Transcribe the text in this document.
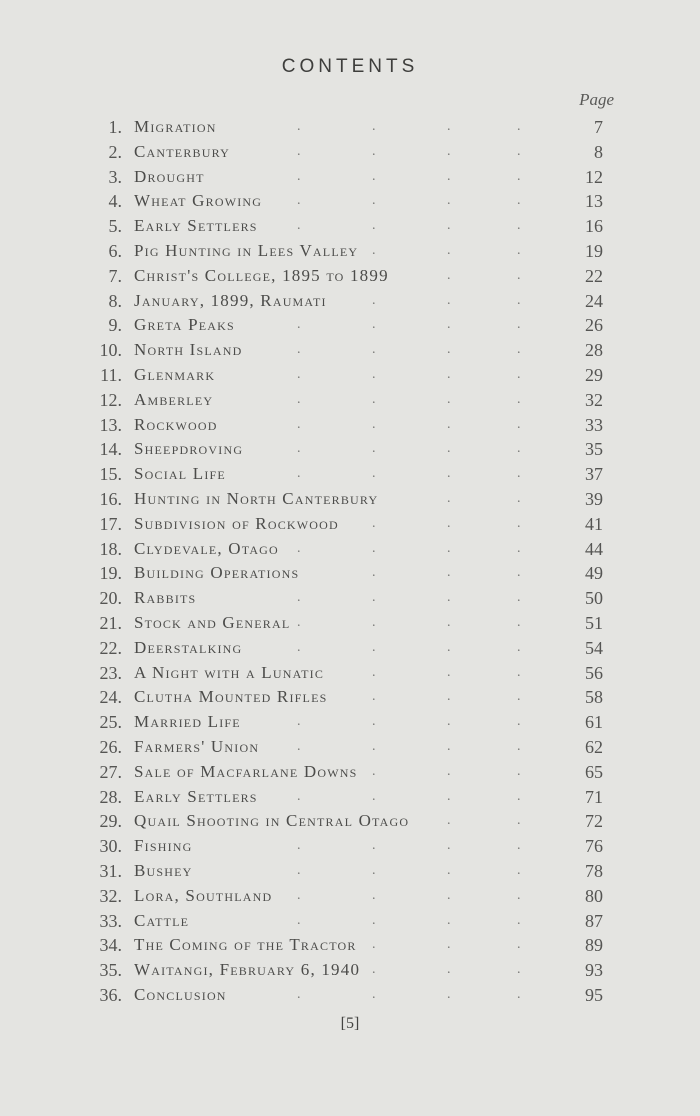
CONTENTS
Page
1. Migration	.	.	.	.	7
2. Canterbury	.	.	.	.	8
3. Drought	.	.	.	.	12
4. Wheat Growing .	.	.	.	13
5. Early Settlers	.	.	.	.	16
6. Pig Hunting in Lees Valley .	.	.	19
7. Christ's College, 1895 to 1899	.	.	22
8. January, 1899, Raumati	.	.	.	24
9. Greta Peaks	.	.	.	.	26
10. North Island	.	.	.	.	28
11. Glenmark	.	.	.	.	29
12. Amberley	.	.	.	.	32
13. Rockwood	.	.	.	.	33
14. Sheepdroving	.	.	.	.	35
15. Social Life	.	.	.	.	37
16. Hunting in North Canterbury	.	.	39
17. Subdivision of Rockwood .	.	.	41
18. Clydevale, Otago .	.	.	.	44
19. Building Operations	.	.	.	49
20. Rabbits	.	.	.	.	50
21. Stock and General .	.	.	.	51
22. Deerstalking	.	.	.	.	54
23. A Night with a Lunatic	.	.	.	56
24. Clutha Mounted Rifles	.	.	.	58
25. Married Life	.	.	.	.	61
26. Farmers' Union	.	.	.	.	62
27. Sale of Macfarlane Downs .	.	.	65
28. Early Settlers	.	.	.	.	71
29. Quail Shooting in Central Otago	.	.	72
30. Fishing	.	.	.	.	76
31. Bushey	.	.	.	.	78
32. Lora, Southland .	.	.	.	80
33. Cattle	.	.	.	.	87
34. The Coming of the Tractor .	.	.	89
35. Waitangi, February 6, 1940 .	.	.	93
36. Conclusion	.	.	.	.	95
[5]
